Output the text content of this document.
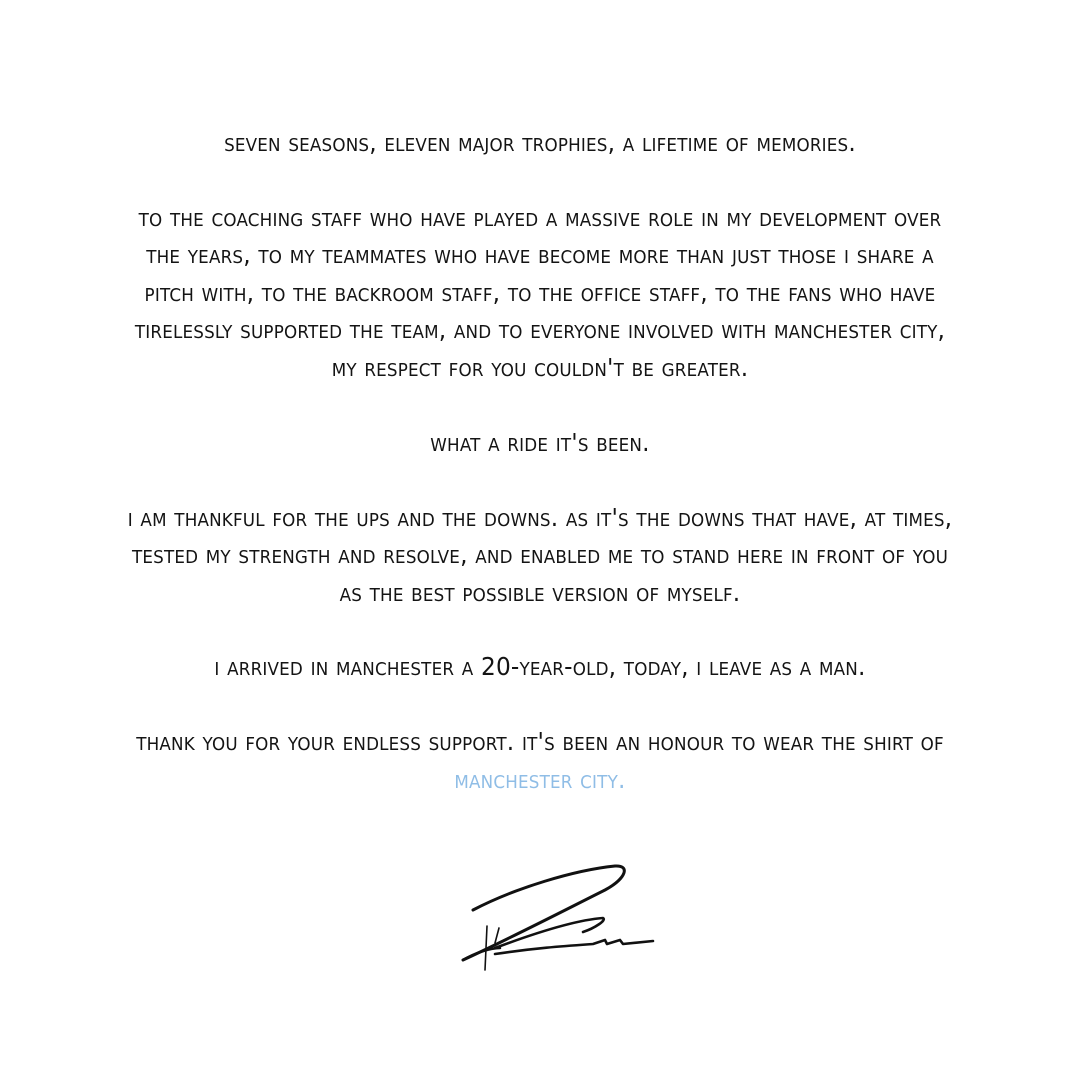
seven seasons, eleven major trophies, a lifetime of memories.
to the coaching staff who have played a massive role in my development over
the years, to my teammates who have become more than just those i share a
pitch with, to the backroom staff, to the office staff, to the fans who have
tirelessly supported the team, and to everyone involved with manchester city,
my respect for you couldn't be greater.
what a ride it's been.
i am thankful for the ups and the downs. as it's the downs that have, at times,
tested my strength and resolve, and enabled me to stand here in front of you
as the best possible version of myself.
i arrived in manchester a 20-year-old, today, i leave as a man.
thank you for your endless support. it's been an honour to wear the shirt of
manchester city.
